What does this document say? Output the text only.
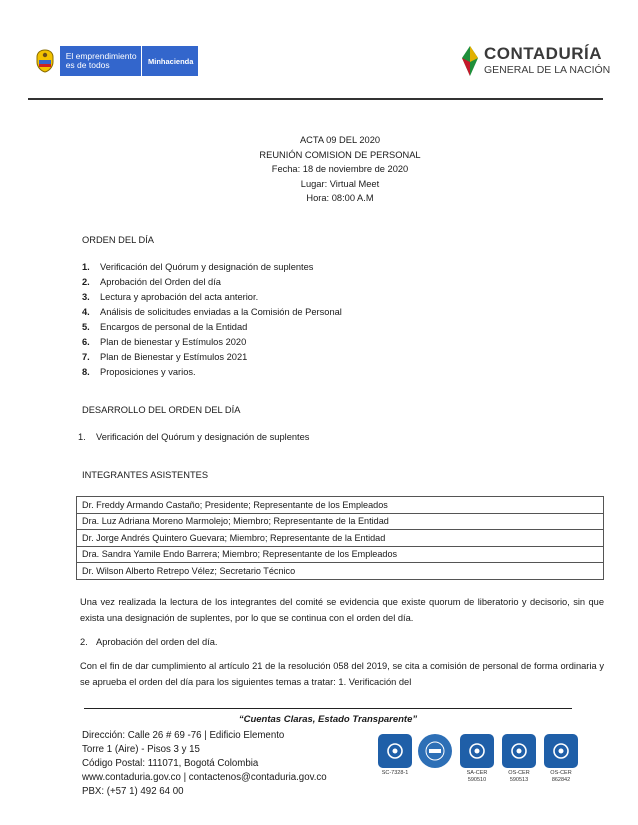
El emprendimiento es de todos	Minhacienda	CONTADURÍA
GENERAL DE LA NACIÓN
ACTA 09 DEL 2020
REUNIÓN COMISION DE PERSONAL
Fecha: 18 de noviembre de 2020
Lugar: Virtual Meet
Hora: 08:00 A.M
ORDEN DEL DÍA
1. Verificación del Quórum y designación de suplentes
2. Aprobación del Orden del día
3. Lectura y aprobación del acta anterior.
4. Análisis de solicitudes enviadas a la Comisión de Personal
5. Encargos de personal de la Entidad
6. Plan de bienestar y Estímulos 2020
7. Plan de Bienestar y Estímulos 2021
8. Proposiciones y varios.
DESARROLLO DEL ORDEN DEL DÍA
1. Verificación del Quórum y designación de suplentes
INTEGRANTES ASISTENTES
Dr. Freddy Armando Castaño; Presidente; Representante de los Empleados
Dra. Luz Adriana Moreno Marmolejo; Miembro; Representante de la Entidad
Dr. Jorge Andrés Quintero Guevara; Miembro; Representante de la Entidad
Dra. Sandra Yamile Endo Barrera; Miembro; Representante de los Empleados
Dr. Wilson Alberto Retrepo Vélez; Secretario Técnico
Una vez realizada la lectura de los integrantes del comité se evidencia que existe quorum de liberatorio y decisorio, sin que exista una designación de suplentes, por lo que se continua con el orden del día.
2. Aprobación del orden del día.
Con el fin de dar cumplimiento al artículo 21 de la resolución 058 del 2019, se cita a comisión de personal de forma ordinaria y se aprueba el orden del día para los siguientes temas a tratar: 1. Verificación del
“Cuentas Claras, Estado Transparente”
Dirección: Calle 26 # 69 -76 | Edificio Elemento
Torre 1 (Aire) - Pisos 3 y 15
Código Postal: 111071, Bogotá Colombia
www.contaduria.gov.co | contactenos@contaduria.gov.co
PBX: (+57 1) 492 64 00
SC-7328-1	SA-CER 590510
OS-CER 590513
OS-CER 862842
